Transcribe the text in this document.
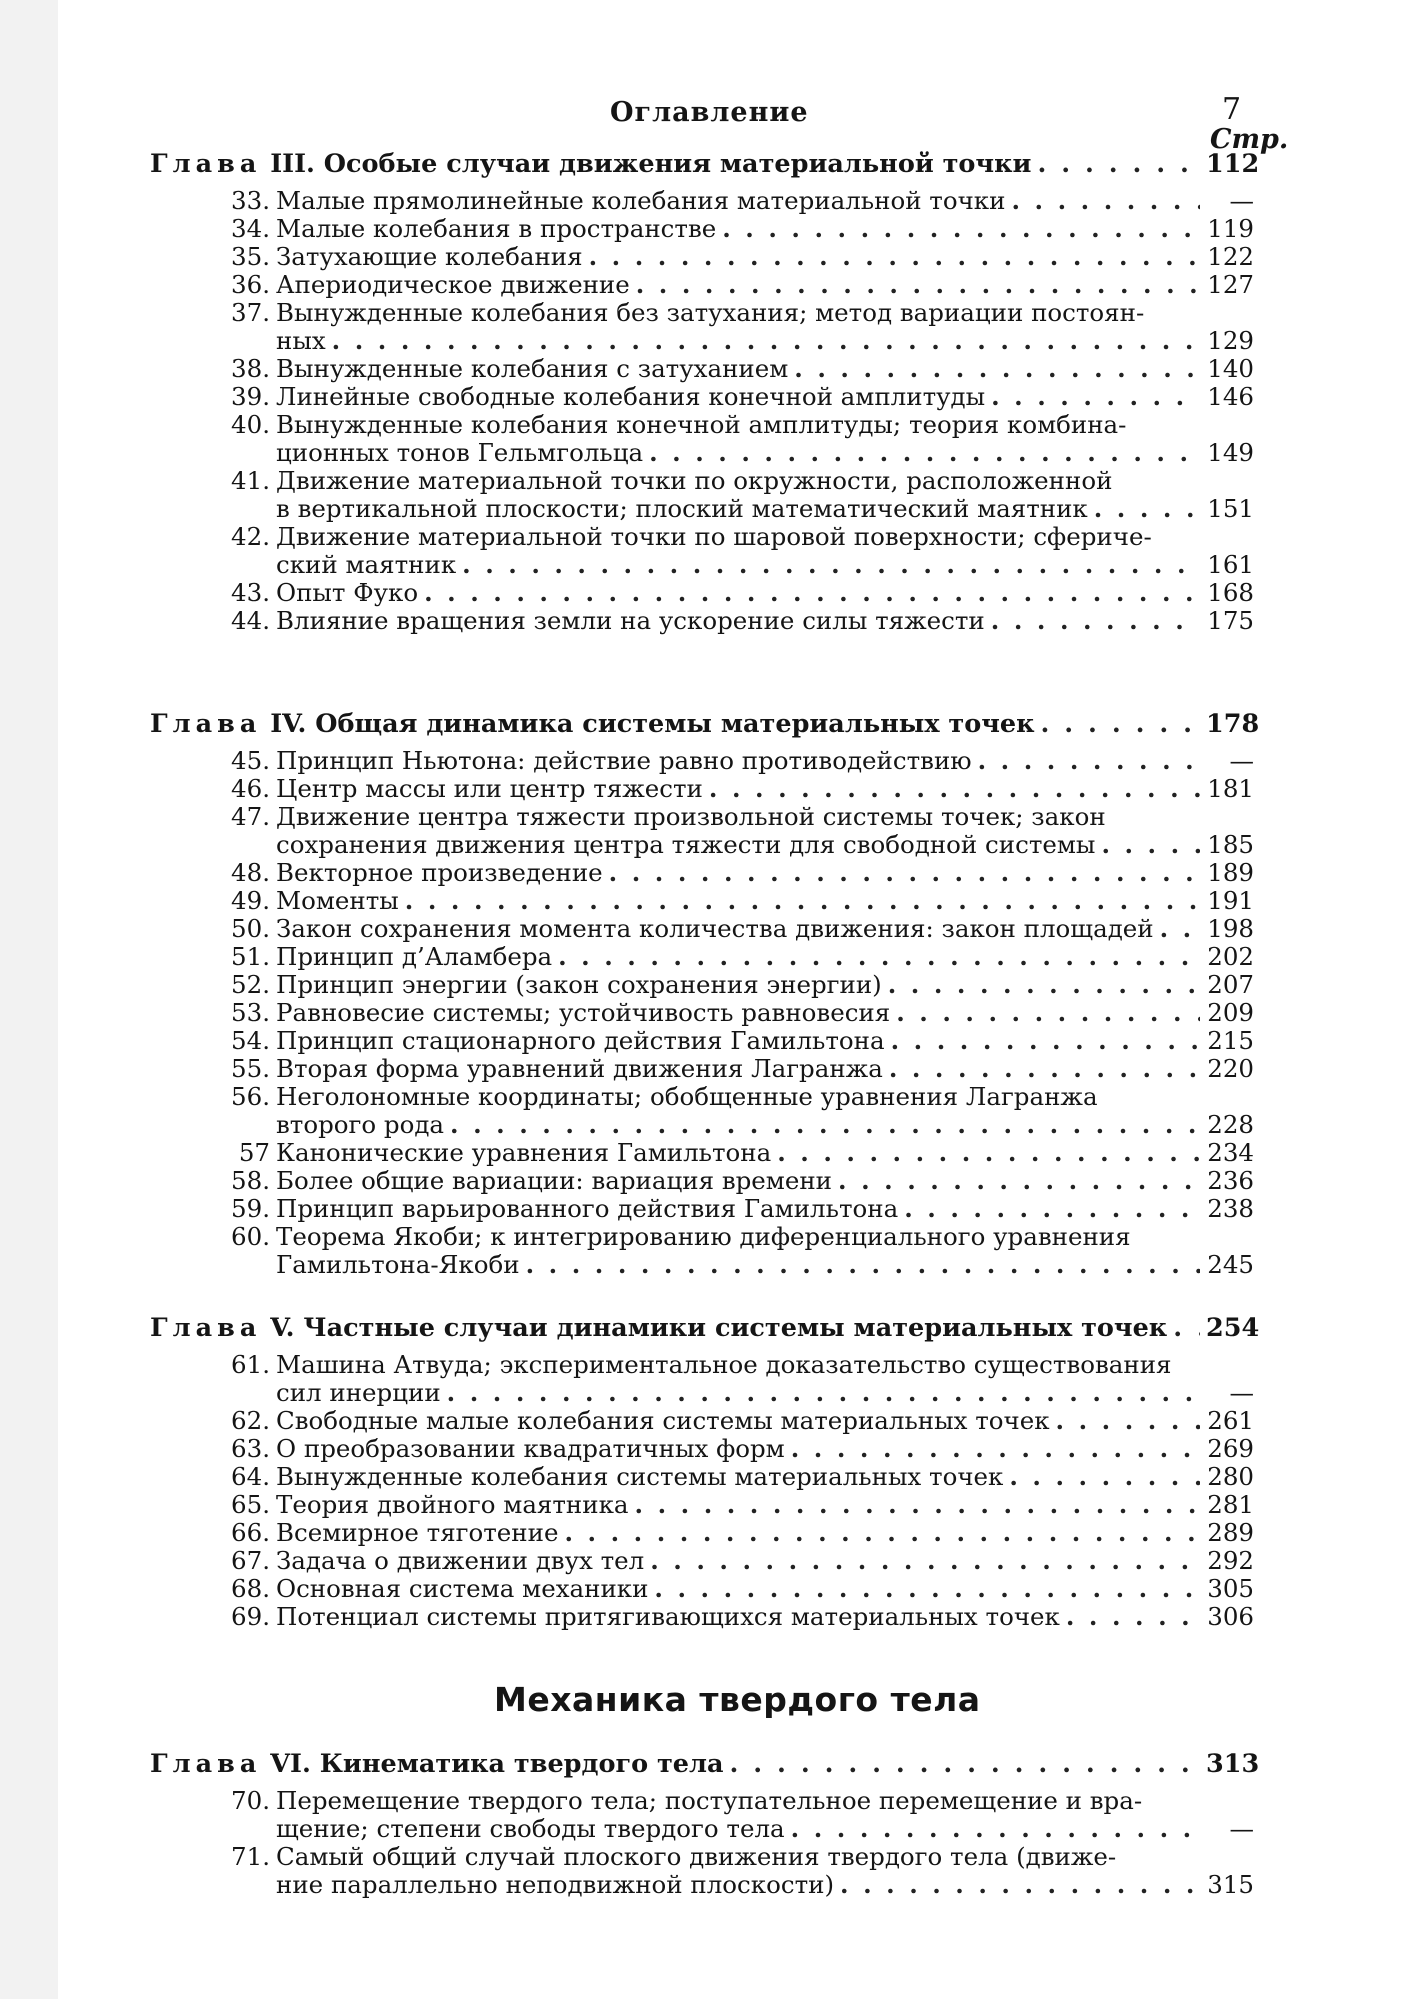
Оглавление	7
Стр.
Глава
III. Особые случаи движения материальной точки . . .	112
33. Малые прямолинейные колебания материальной точки . . .	—
34. Малые колебания в пространстве . . .	119
35. Затухающие колебания . . .	122
36. Апериодическое движение . . .	127
37. Вынужденные колебания без затухания; метод вариации постоян-
ных . . .	129
38. Вынужденные колебания с затуханием . . .	140
39. Линейные свободные колебания конечной амплитуды . . .	146
40. Вынужденные колебания конечной амплитуды; теория комбина-
ционных тонов Гельмгольца . . .	149
41. Движение материальной точки по окружности, расположенной
в вертикальной плоскости; плоский математический маятник . . .	151
42. Движение материальной точки по шаровой поверхности; сфериче-
ский маятник . . .	161
43. Опыт Фуко . . .	168
44. Влияние вращения земли на ускорение силы тяжести . . .	175
Глава
IV. Общая динамика системы материальных точек . . .	178
45. Принцип Ньютона: действие равно противодействию . . .	—
46. Центр массы или центр тяжести . . .	181
47. Движение центра тяжести произвольной системы точек; закон
сохранения движения центра тяжести для свободной системы . . .	185
48. Векторное произведение . . .	189
49. Моменты . . .	191
50. Закон сохранения момента количества движения: закон площадей . . . 198
51. Принцип д’Аламбера . . .	202
52. Принцип энергии (закон сохранения энергии) . . .	207
53. Равновесие системы; устойчивость равновесия . . .	209
54. Принцип стационарного действия Гамильтона . . .	215
55. Вторая форма уравнений движения Лагранжа . . .	220
56. Неголономные координаты; обобщенные уравнения Лагранжа
второго рода . . .	228
57 Канонические уравнения Гамильтона . . .	234
58. Более общие вариации: вариация времени . . .	236
59. Принцип варьированного действия Гамильтона . . .	238
60. Теорема Якоби; к интегрированию диференциального уравнения
Гамильтона-Якоби . . .	245
Глава
V. Частные случаи динамики системы материальных точек . . . 254
61. Машина Атвуда; экспериментальное доказательство существования
сил инерции . . .	—
62. Свободные малые колебания системы материальных точек . . .	261
63. О преобразовании квадратичных форм . . .	269
64. Вынужденные колебания системы материальных точек . . .	280
65. Теория двойного маятника . . .	281
66. Всемирное тяготение . . .	289
67. Задача о движении двух тел . . .	292
68. Основная система механики . . .	305
69. Потенциал системы притягивающихся материальных точек . . .	306
Глава
VI. Кинематика твердого тела . . .	313
70. Перемещение твердого тела; поступательное перемещение и вра-
щение; степени свободы твердого тела . . .	—
71. Самый общий случай плоского движения твердого тела (движе-
ние параллельно неподвижной плоскости) . . .	315
Механика твердого тела
